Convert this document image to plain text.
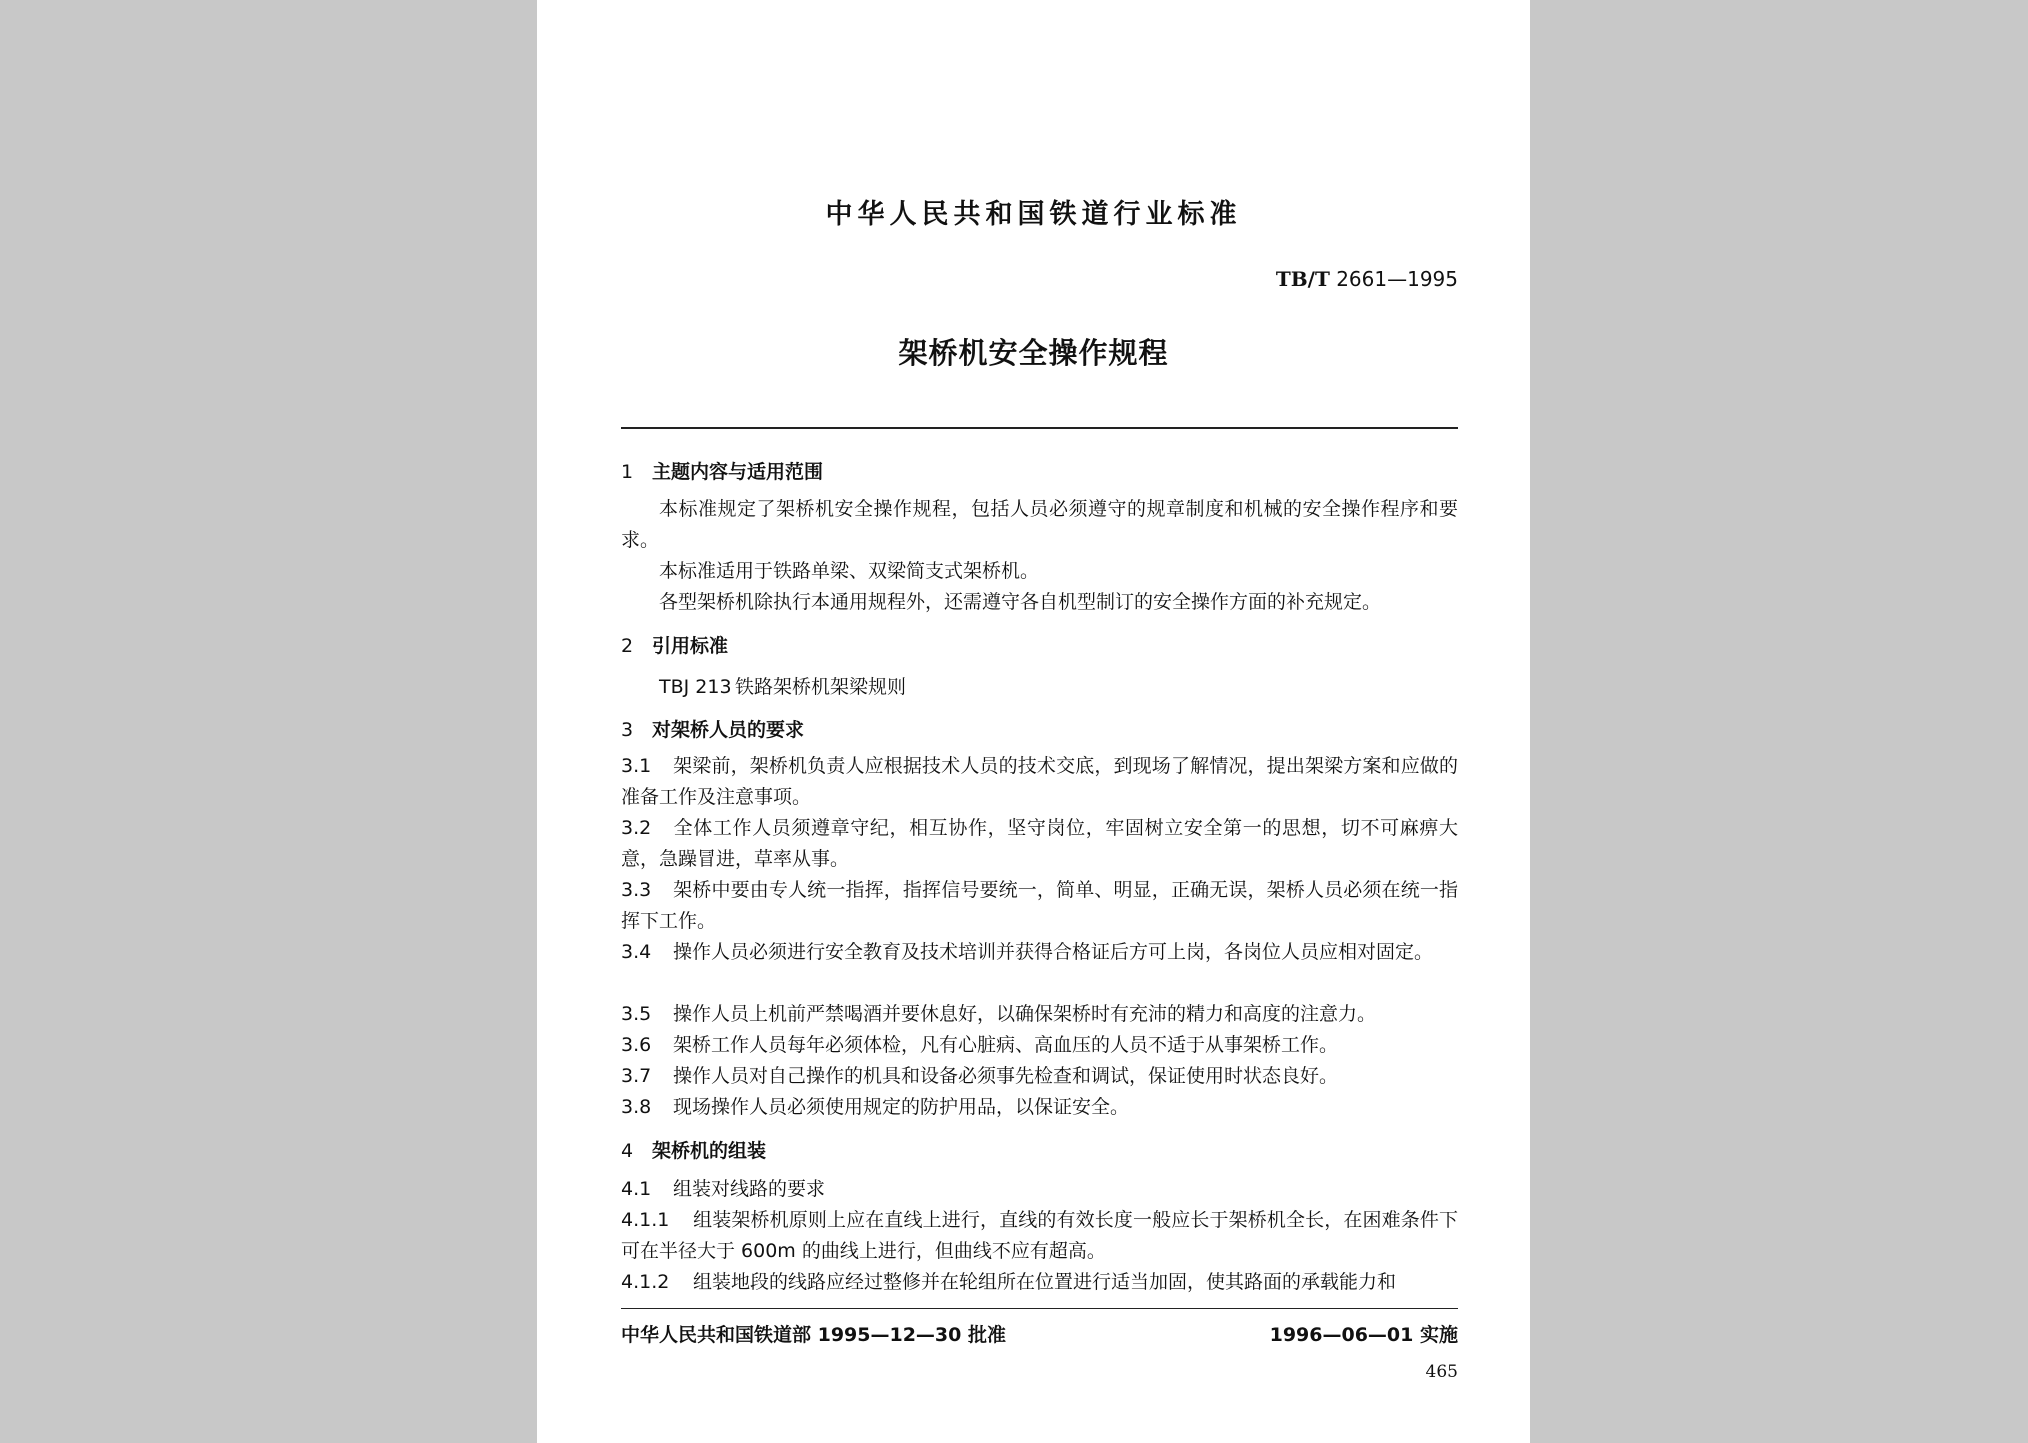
中华人民共和国铁道行业标准
TB/T 2661—1995
架桥机安全操作规程
1 主题内容与适用范围
本标准规定了架桥机安全操作规程，包括人员必须遵守的规章制度和机械的安全操作程序和要求。
本标准适用于铁路单梁、双梁简支式架桥机。
各型架桥机除执行本通用规程外，还需遵守各自机型制订的安全操作方面的补充规定。
2 引用标准
TBJ 213 铁路架桥机架梁规则
3 对架桥人员的要求
3.1 架梁前，架桥机负责人应根据技术人员的技术交底，到现场了解情况，提出架梁方案和应做的准备工作及注意事项。
3.2 全体工作人员须遵章守纪，相互协作，坚守岗位，牢固树立安全第一的思想，切不可麻痹大意，急躁冒进，草率从事。
3.3 架桥中要由专人统一指挥，指挥信号要统一，简单、明显，正确无误，架桥人员必须在统一指挥下工作。
3.4 操作人员必须进行安全教育及技术培训并获得合格证后方可上岗，各岗位人员应相对固定。
3.5 操作人员上机前严禁喝酒并要休息好，以确保架桥时有充沛的精力和高度的注意力。
3.6 架桥工作人员每年必须体检，凡有心脏病、高血压的人员不适于从事架桥工作。
3.7 操作人员对自己操作的机具和设备必须事先检查和调试，保证使用时状态良好。
3.8 现场操作人员必须使用规定的防护用品，以保证安全。
4 架桥机的组装
4.1 组装对线路的要求
4.1.1 组装架桥机原则上应在直线上进行，直线的有效长度一般应长于架桥机全长，在困难条件下可在半径大于 600m 的曲线上进行，但曲线不应有超高。
4.1.2 组装地段的线路应经过整修并在轮组所在位置进行适当加固，使其路面的承载能力和
中华人民共和国铁道部 1995—12—30 批准	1996—06—01 实施
465
